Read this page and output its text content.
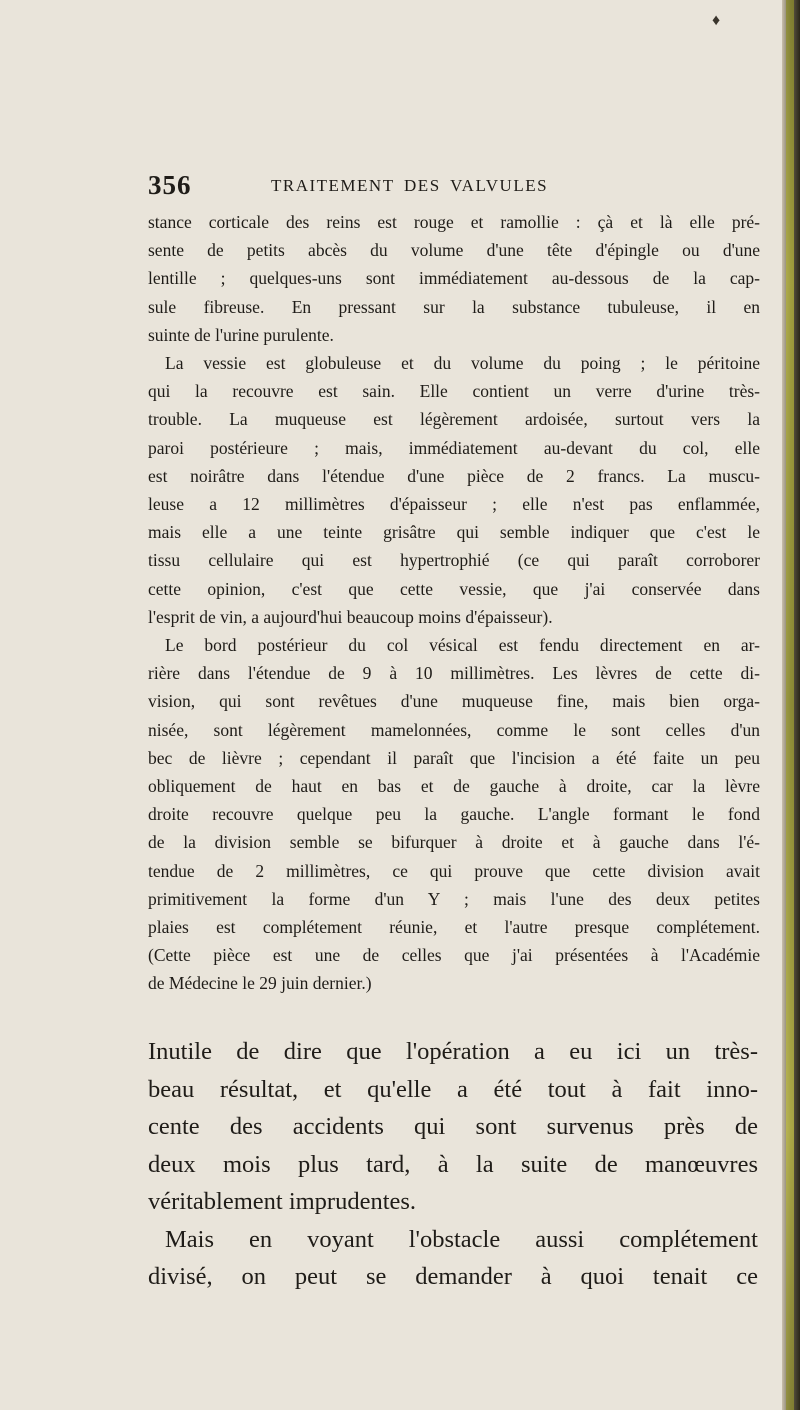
♦
356	TRAITEMENT DES VALVULES
stance corticale des reins est rouge et ramollie : çà et là elle pré-
sente de petits abcès du volume d'une tête d'épingle ou d'une
lentille ; quelques-uns sont immédiatement au-dessous de la cap-
sule fibreuse. En pressant sur la substance tubuleuse, il en
suinte de l'urine purulente.
La vessie est globuleuse et du volume du poing ; le péritoine
qui la recouvre est sain. Elle contient un verre d'urine très-
trouble. La muqueuse est légèrement ardoisée, surtout vers la
paroi postérieure ; mais, immédiatement au-devant du col, elle
est noirâtre dans l'étendue d'une pièce de 2 francs. La muscu-
leuse a 12 millimètres d'épaisseur ; elle n'est pas enflammée,
mais elle a une teinte grisâtre qui semble indiquer que c'est le
tissu cellulaire qui est hypertrophié (ce qui paraît corroborer
cette opinion, c'est que cette vessie, que j'ai conservée dans
l'esprit de vin, a aujourd'hui beaucoup moins d'épaisseur).
Le bord postérieur du col vésical est fendu directement en ar-
rière dans l'étendue de 9 à 10 millimètres. Les lèvres de cette di-
vision, qui sont revêtues d'une muqueuse fine, mais bien orga-
nisée, sont légèrement mamelonnées, comme le sont celles d'un
bec de lièvre ; cependant il paraît que l'incision a été faite un peu
obliquement de haut en bas et de gauche à droite, car la lèvre
droite recouvre quelque peu la gauche. L'angle formant le fond
de la division semble se bifurquer à droite et à gauche dans l'é-
tendue de 2 millimètres, ce qui prouve que cette division avait
primitivement la forme d'un Y ; mais l'une des deux petites
plaies est complétement réunie, et l'autre presque complétement.
(Cette pièce est une de celles que j'ai présentées à l'Académie
de Médecine le 29 juin dernier.)
Inutile de dire que l'opération a eu ici un très-
beau résultat, et qu'elle a été tout à fait inno-
cente des accidents qui sont survenus près de
deux mois plus tard, à la suite de manœuvres
véritablement imprudentes.
Mais en voyant l'obstacle aussi complétement
divisé, on peut se demander à quoi tenait ce
